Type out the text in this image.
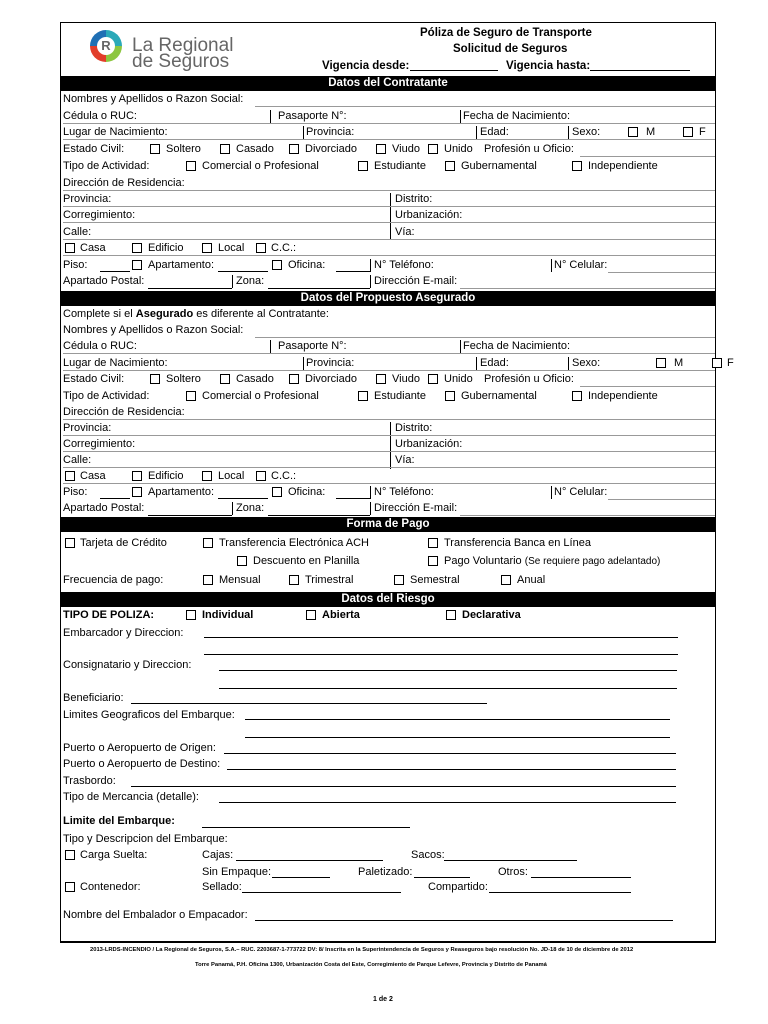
R La Regional
de Seguros
Póliza de Seguro de Transporte
Solicitud de Seguros
Vigencia desde:	Vigencia hasta:
Datos del Contratante
Nombres y Apellidos o Razon Social:
Cédula o RUC:	Pasaporte N°:	Fecha de Nacimiento:
Lugar de Nacimiento:	Provincia:	Edad:	Sexo:	M	F
Estado Civil:	Soltero	Casado	Divorciado	Viudo Unido Profesión u Oficio:
Tipo de Actividad:	Comercial o Profesional	Estudiante	Gubernamental	Independiente
Dirección de Residencia:
Provincia:	Distrito:
Corregimiento:	Urbanización:
Calle:	Vía:
Casa	Edificio	Local C.C.:
Piso:	Apartamento:	Oficina:	N° Teléfono:	N° Celular:
Apartado Postal:	Zona:	Dirección E-mail:
Datos del Propuesto Asegurado
Complete si el Asegurado es diferente al Contratante:
Nombres y Apellidos o Razon Social:
Cédula o RUC:	Pasaporte N°:	Fecha de Nacimiento:
Lugar de Nacimiento:	Provincia:	Edad:	Sexo:	M	F
Estado Civil:	Soltero	Casado	Divorciado	Viudo Unido Profesión u Oficio:
Tipo de Actividad:	Comercial o Profesional	Estudiante	Gubernamental	Independiente
Dirección de Residencia:
Provincia:	Distrito:
Corregimiento:	Urbanización:
Calle:	Vía:
Casa	Edificio	Local C.C.:
Piso:	Apartamento:	Oficina:	N° Teléfono:	N° Celular:
Apartado Postal:	Zona:	Dirección E-mail:
Forma de Pago
Tarjeta de Crédito	Transferencia Electrónica ACH	Transferencia Banca en Línea
Descuento en Planilla	Pago Voluntario (Se requiere pago adelantado)
Frecuencia de pago:	Mensual	Trimestral	Semestral	Anual
Datos del Riesgo
TIPO DE POLIZA:	Individual	Abierta	Declarativa
Embarcador y Direccion:
Consignatario y Direccion:
Beneficiario:
Limites Geograficos del Embarque:
Puerto o Aeropuerto de Origen:
Puerto o Aeropuerto de Destino:
Trasbordo:
Tipo de Mercancia (detalle):
Limite del Embarque:
Tipo y Descripcion del Embarque:
Carga Suelta:	Cajas:	Sacos:
Sin Empaque:	Paletizado:	Otros:
Contenedor:	Sellado:	Compartido:
Nombre del Embalador o Empacador:
2013-LRDS-INCENDIO / La Regional de Seguros, S.A.– RUC. 2203687-1-773722 DV: 8/ Inscrita en la Superintendencia de Seguros y Reaseguros bajo resolución No. JD-18 de 10 de diciembre de 2012
Torre Panamá, P.H. Oficina 1300, Urbanización Costa del Este, Corregimiento de Parque Lefevre, Provincia y Distrito de Panamá
1 de 2
